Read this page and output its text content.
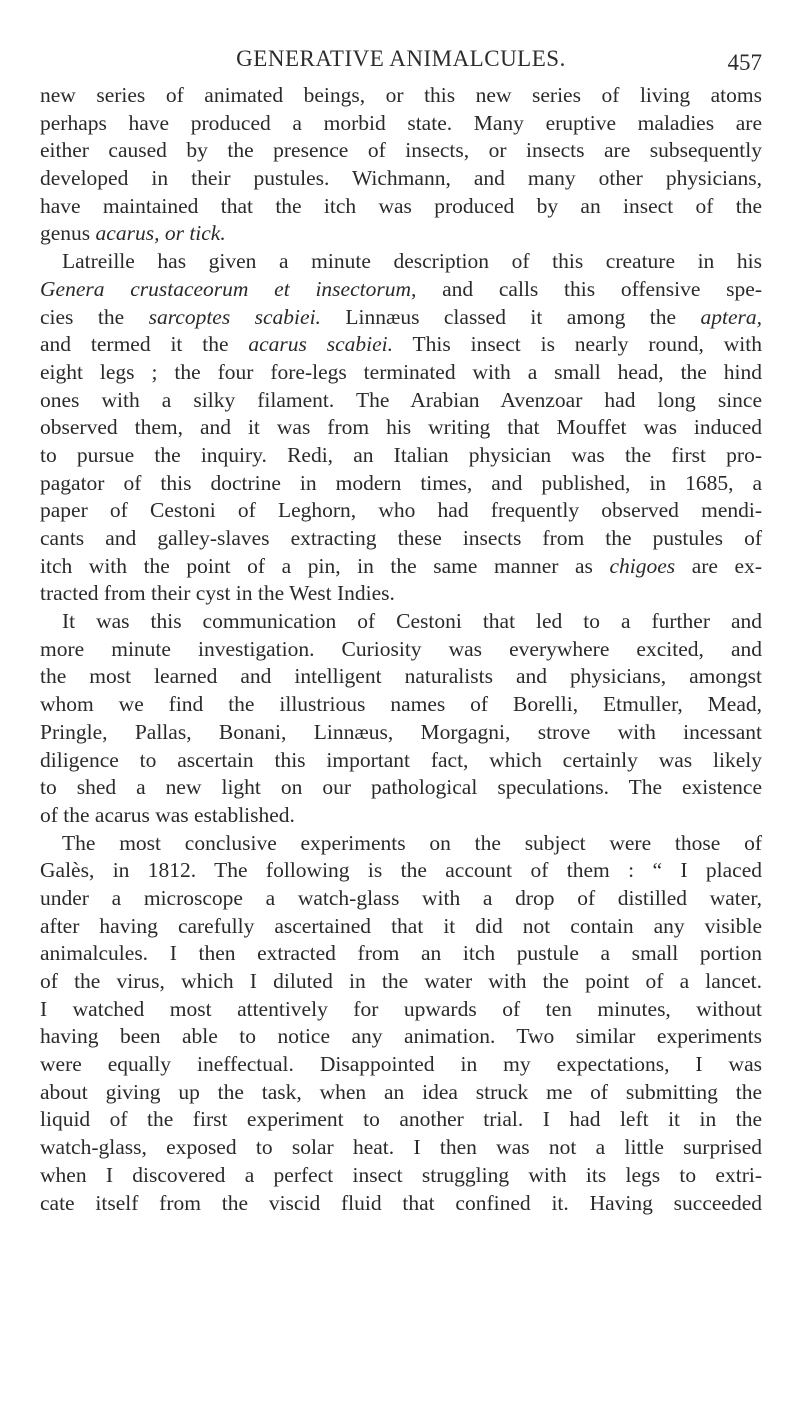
GENERATIVE ANIMALCULES.	457
new series of animated beings, or this new series of living atoms
perhaps have produced a morbid state. Many eruptive maladies are
either caused by the presence of insects, or insects are subsequently
developed in their pustules. Wichmann, and many other physicians,
have maintained that the itch was produced by an insect of the
genus acarus, or tick.
Latreille has given a minute description of this creature in his
Genera crustaceorum et insectorum, and calls this offensive spe-
cies the sarcoptes scabiei. Linnæus classed it among the aptera,
and termed it the acarus scabiei. This insect is nearly round, with
eight legs ; the four fore-legs terminated with a small head, the hind
ones with a silky filament. The Arabian Avenzoar had long since
observed them, and it was from his writing that Mouffet was induced
to pursue the inquiry. Redi, an Italian physician was the first pro-
pagator of this doctrine in modern times, and published, in 1685, a
paper of Cestoni of Leghorn, who had frequently observed mendi-
cants and galley-slaves extracting these insects from the pustules of
itch with the point of a pin, in the same manner as chigoes are ex-
tracted from their cyst in the West Indies.
It was this communication of Cestoni that led to a further and
more minute investigation. Curiosity was everywhere excited, and
the most learned and intelligent naturalists and physicians, amongst
whom we find the illustrious names of Borelli, Etmuller, Mead,
Pringle, Pallas, Bonani, Linnæus, Morgagni, strove with incessant
diligence to ascertain this important fact, which certainly was likely
to shed a new light on our pathological speculations. The existence
of the acarus was established.
The most conclusive experiments on the subject were those of
Galès, in 1812. The following is the account of them : “ I placed
under a microscope a watch-glass with a drop of distilled water,
after having carefully ascertained that it did not contain any visible
animalcules. I then extracted from an itch pustule a small portion
of the virus, which I diluted in the water with the point of a lancet.
I watched most attentively for upwards of ten minutes, without
having been able to notice any animation. Two similar experiments
were equally ineffectual. Disappointed in my expectations, I was
about giving up the task, when an idea struck me of submitting the
liquid of the first experiment to another trial. I had left it in the
watch-glass, exposed to solar heat. I then was not a little surprised
when I discovered a perfect insect struggling with its legs to extri-
cate itself from the viscid fluid that confined it. Having succeeded
